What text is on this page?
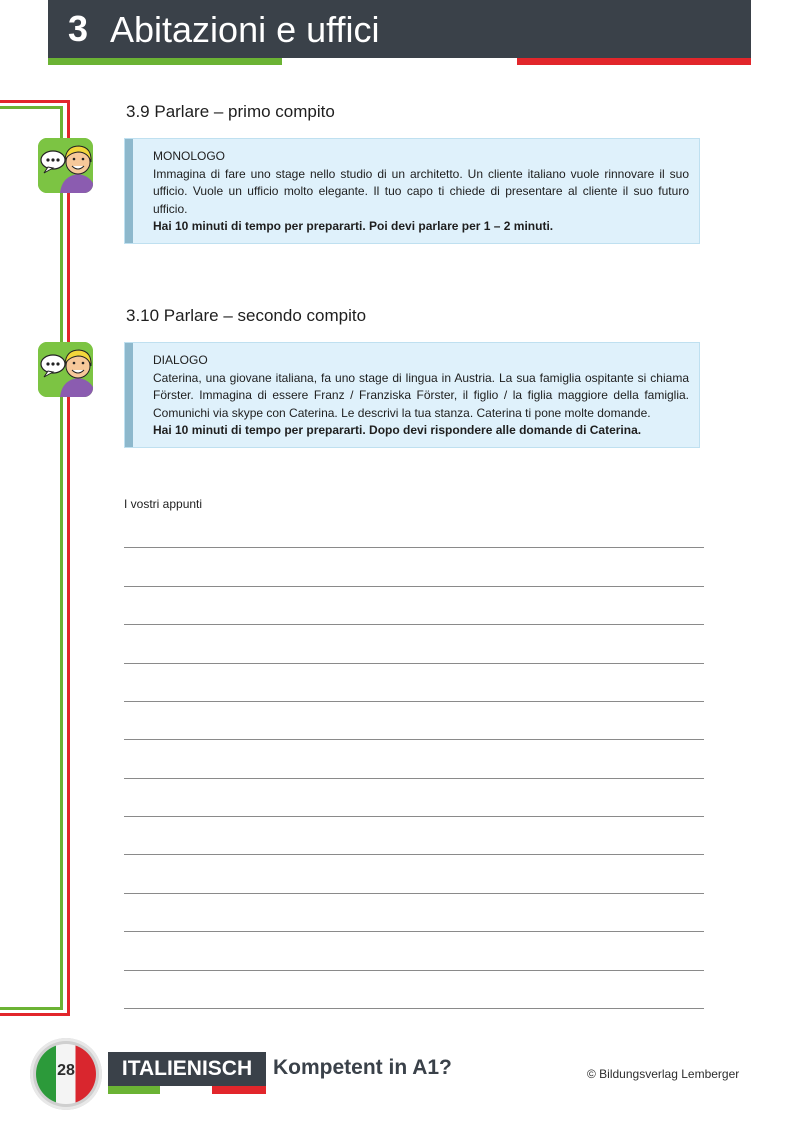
3 Abitazioni e uffici
3.9 Parlare – primo compito
MONOLOGO
Immagina di fare uno stage nello studio di un architetto. Un cliente italiano vuole rinnovare il suo ufficio. Vuole un ufficio molto elegante. Il tuo capo ti chiede di presentare al cliente il suo futuro ufficio.
Hai 10 minuti di tempo per prepararti. Poi devi parlare per 1 – 2 minuti.
3.10 Parlare – secondo compito
DIALOGO
Caterina, una giovane italiana, fa uno stage di lingua in Austria. La sua famiglia ospitante si chiama Förster. Immagina di essere Franz / Franziska Förster, il figlio / la figlia maggiore della famiglia. Comunichi via skype con Caterina. Le descrivi la tua stanza. Caterina ti pone molte domande.
Hai 10 minuti di tempo per prepararti. Dopo devi rispondere alle domande di Caterina.
I vostri appunti
28	ITALIENISCH Kompetent in A1?	© Bildungsverlag Lemberger
